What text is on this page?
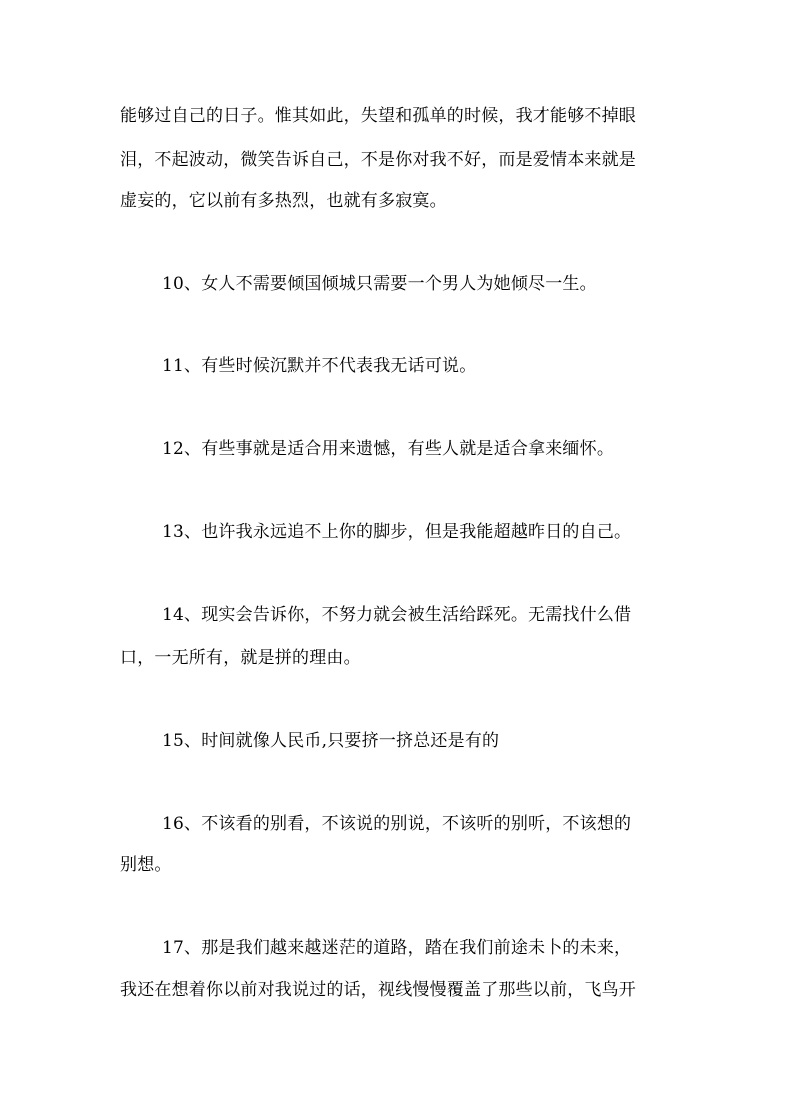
能够过自己的日子。惟其如此，失望和孤单的时候，我才能够不掉眼
泪，不起波动，微笑告诉自己，不是你对我不好，而是爱情本来就是
虚妄的，它以前有多热烈，也就有多寂寞。
10、女人不需要倾国倾城只需要一个男人为她倾尽一生。
11、有些时候沉默并不代表我无话可说。
12、有些事就是适合用来遗憾，有些人就是适合拿来缅怀。
13、也许我永远追不上你的脚步，但是我能超越昨日的自己。
14、现实会告诉你，不努力就会被生活给踩死。无需找什么借
口，一无所有，就是拼的理由。
15、时间就像人民币,只要挤一挤总还是有的
16、不该看的别看，不该说的别说，不该听的别听，不该想的
别想。
17、那是我们越来越迷茫的道路，踏在我们前途未卜的未来，
我还在想着你以前对我说过的话，视线慢慢覆盖了那些以前，飞鸟开
